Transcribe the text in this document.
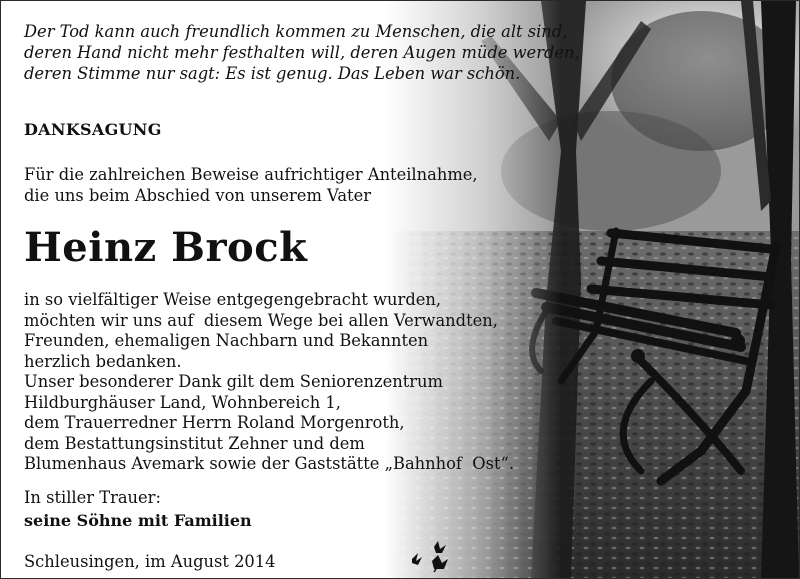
Der Tod kann auch freundlich kommen zu Menschen, die alt sind,
deren Hand nicht mehr festhalten will, deren Augen müde werden,
deren Stimme nur sagt: Es ist genug. Das Leben war schön.
DANKSAGUNG
Für die zahlreichen Beweise aufrichtiger Anteilnahme,
die uns beim Abschied von unserem Vater
Heinz Brock
in so vielfältiger Weise entgegengebracht wurden,
möchten wir uns auf  diesem Wege bei allen Verwandten,
Freunden, ehemaligen Nachbarn und Bekannten
herzlich bedanken.
Unser besonderer Dank gilt dem Seniorenzentrum
Hildburghäuser Land, Wohnbereich 1,
dem Trauerredner Herrn Roland Morgenroth,
dem Bestattungsinstitut Zehner und dem
Blumenhaus Avemark sowie der Gaststätte „Bahnhof  Ost“.
In stiller Trauer:
seine Söhne mit Familien
Schleusingen, im August 2014
